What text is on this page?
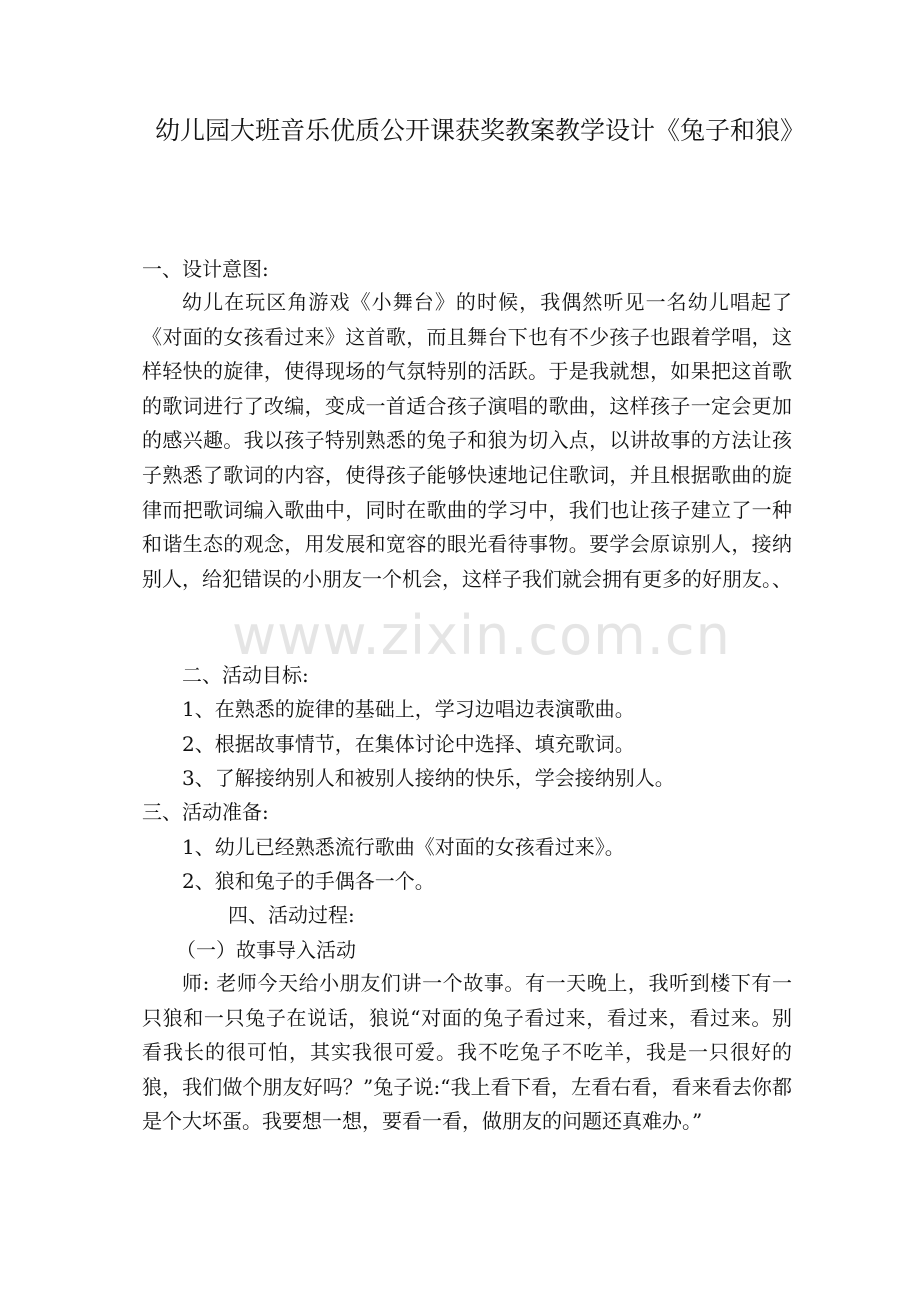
幼儿园大班音乐优质公开课获奖教案教学设计《兔子和狼》

一、设计意图:

幼儿在玩区角游戏《小舞台》的时候，我偶然听见一名幼儿唱起了《对面的女孩看过来》这首歌，而且舞台下也有不少孩子也跟着学唱，这样轻快的旋律，使得现场的气氛特别的活跃。于是我就想，如果把这首歌的歌词进行了改编，变成一首适合孩子演唱的歌曲，这样孩子一定会更加的感兴趣。我以孩子特别熟悉的兔子和狼为切入点，以讲故事的方法让孩子熟悉了歌词的内容，使得孩子能够快速地记住歌词，并且根据歌曲的旋律而把歌词编入歌曲中，同时在歌曲的学习中，我们也让孩子建立了一种和谐生态的观念，用发展和宽容的眼光看待事物。要学会原谅别人，接纳别人，给犯错误的小朋友一个机会，这样子我们就会拥有更多的好朋友。、

www.zixin.com.cn

二、活动目标:

1、在熟悉的旋律的基础上，学习边唱边表演歌曲。

2、根据故事情节，在集体讨论中选择、填充歌词。

3、了解接纳别人和被别人接纳的快乐，学会接纳别人。

三、活动准备:

1、幼儿已经熟悉流行歌曲《对面的女孩看过来》。

2、狼和兔子的手偶各一个。

四、活动过程:

（一）故事导入活动

师: 老师今天给小朋友们讲一个故事。有一天晚上，我听到楼下有一只狼和一只兔子在说话，狼说“对面的兔子看过来，看过来，看过来。别看我长的很可怕，其实我很可爱。我不吃兔子不吃羊，我是一只很好的狼，我们做个朋友好吗？”兔子说:“我上看下看，左看右看，看来看去你都是个大坏蛋。我要想一想，要看一看，做朋友的问题还真难办。”
